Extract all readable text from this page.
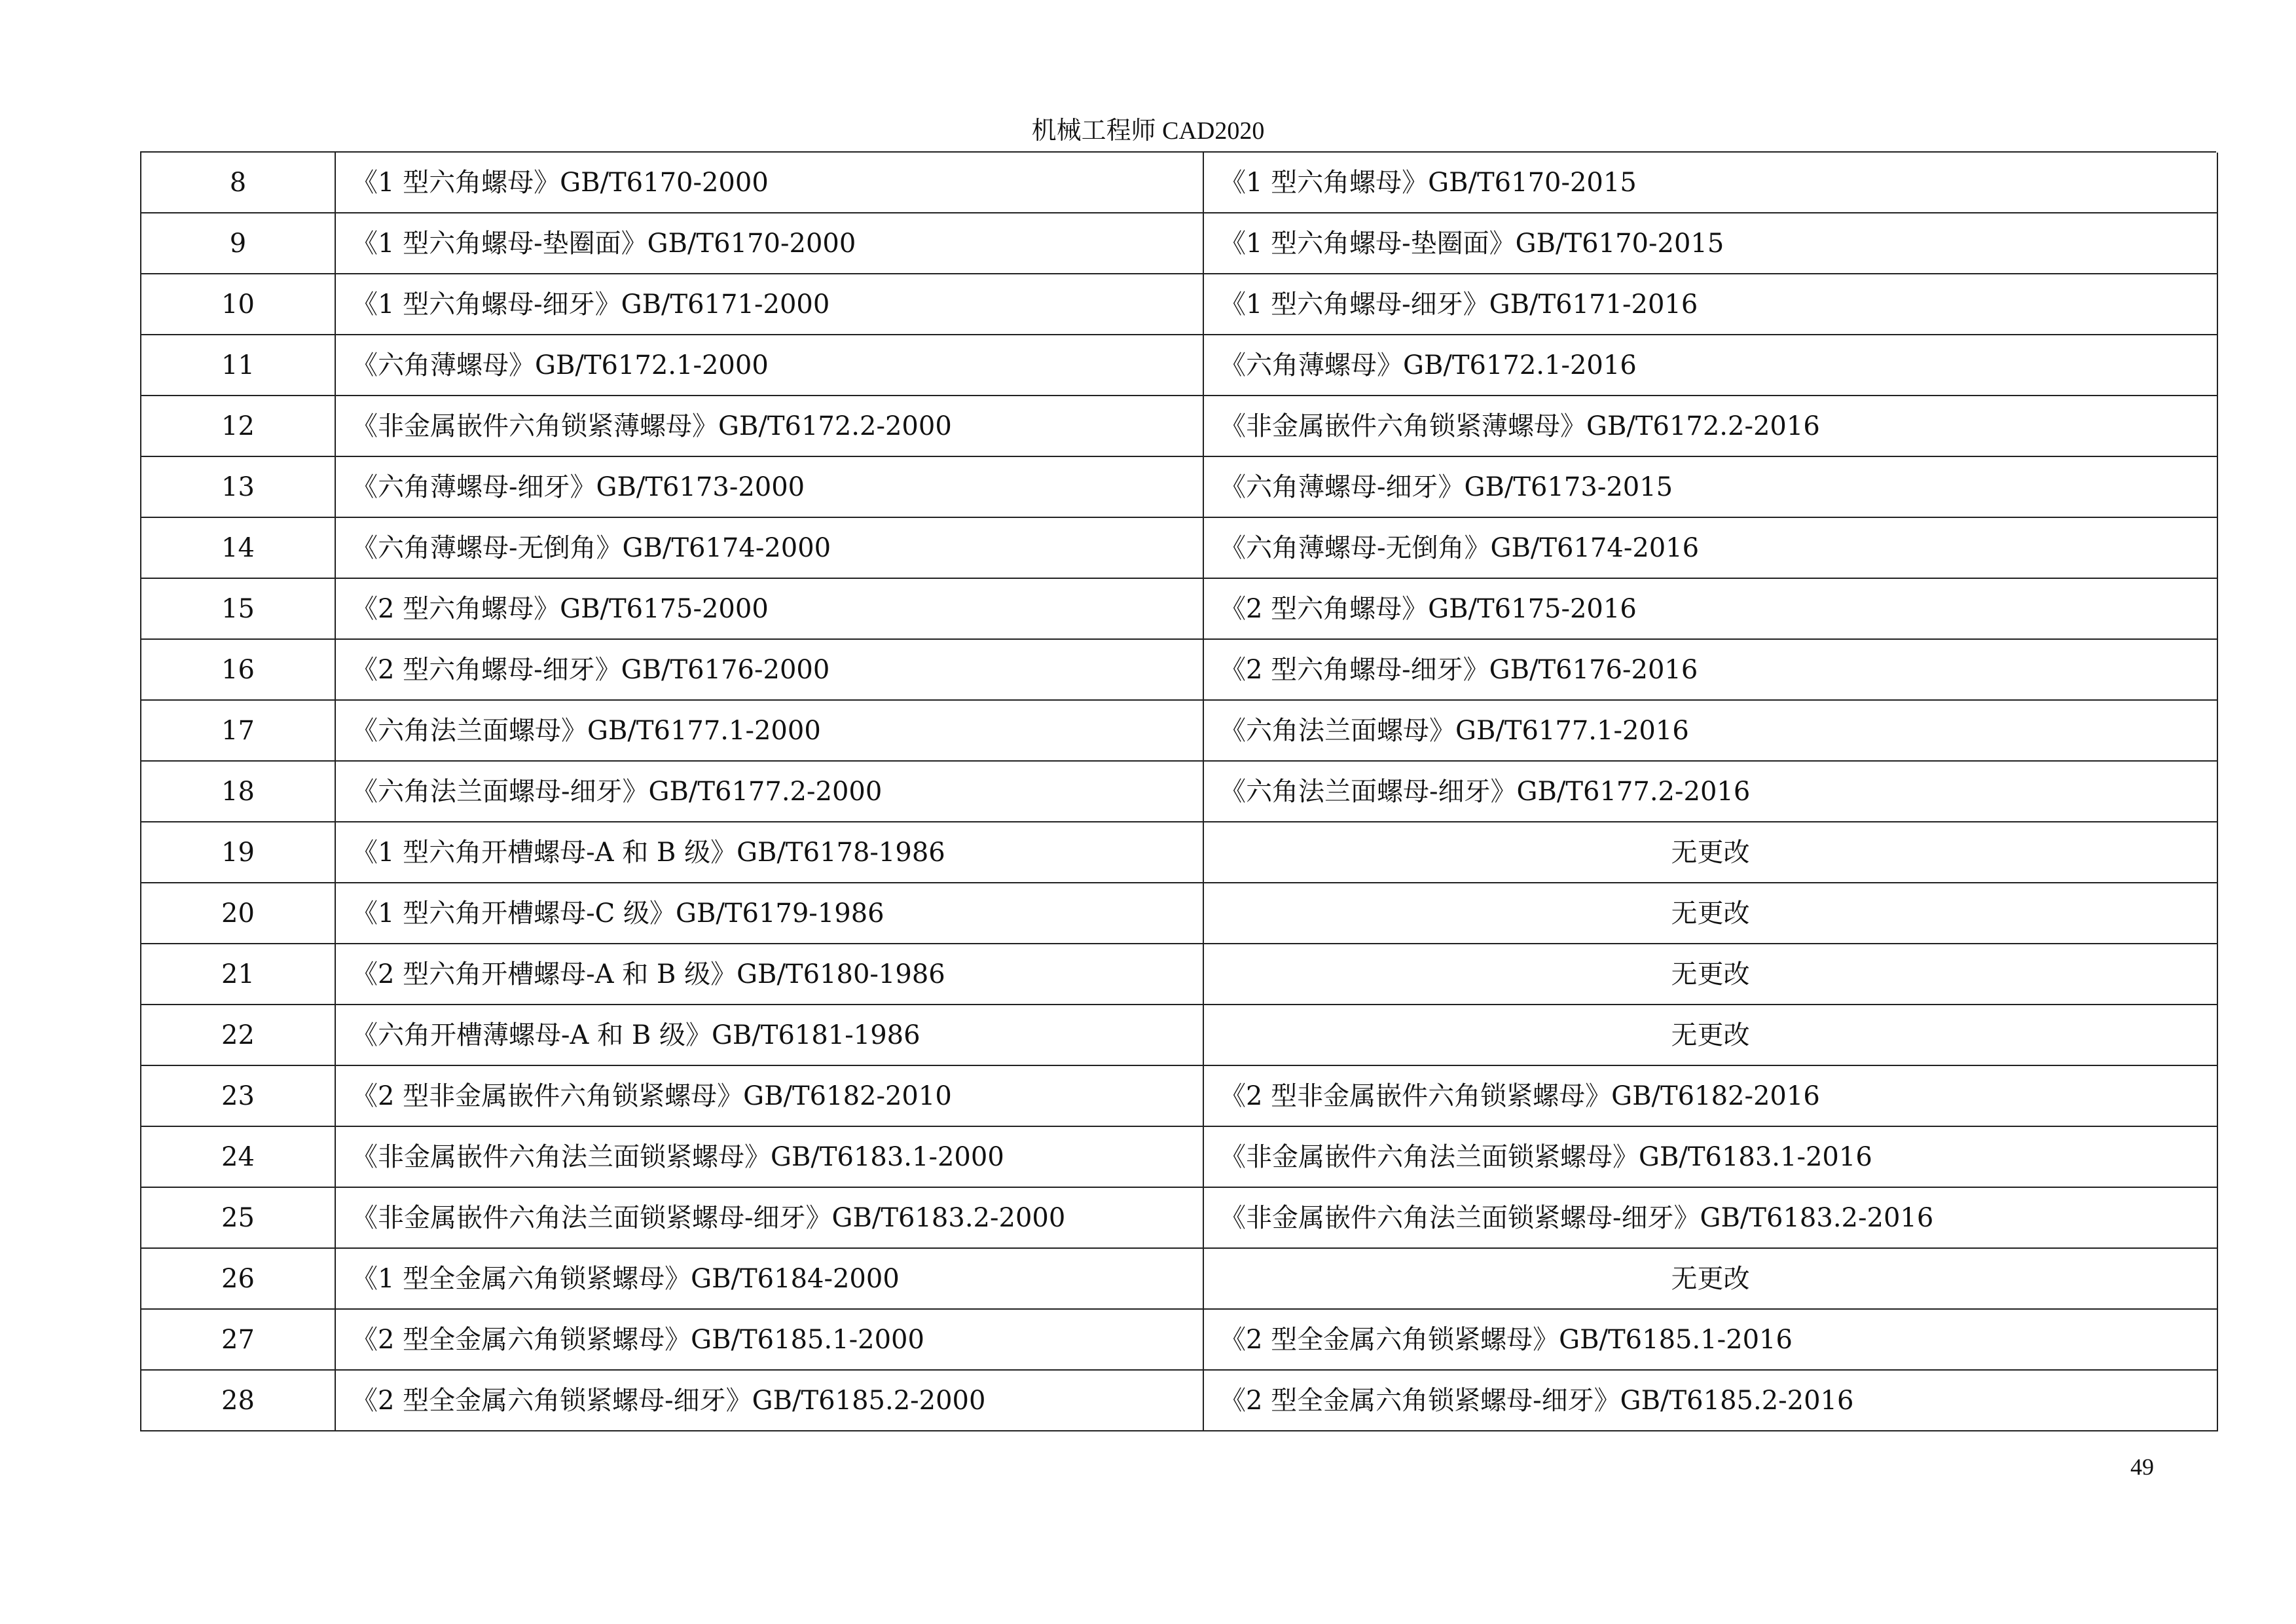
机械工程师 CAD2020
8	《1 型六角螺母》GB/T6170-2000	《1 型六角螺母》GB/T6170-2015
9	《1 型六角螺母-垫圈面》GB/T6170-2000	《1 型六角螺母-垫圈面》GB/T6170-2015
10	《1 型六角螺母-细牙》GB/T6171-2000	《1 型六角螺母-细牙》GB/T6171-2016
11	《六角薄螺母》GB/T6172.1-2000	《六角薄螺母》GB/T6172.1-2016
12	《非金属嵌件六角锁紧薄螺母》GB/T6172.2-2000	《非金属嵌件六角锁紧薄螺母》GB/T6172.2-2016
13	《六角薄螺母-细牙》GB/T6173-2000	《六角薄螺母-细牙》GB/T6173-2015
14	《六角薄螺母-无倒角》GB/T6174-2000	《六角薄螺母-无倒角》GB/T6174-2016
15	《2 型六角螺母》GB/T6175-2000	《2 型六角螺母》GB/T6175-2016
16	《2 型六角螺母-细牙》GB/T6176-2000	《2 型六角螺母-细牙》GB/T6176-2016
17	《六角法兰面螺母》GB/T6177.1-2000	《六角法兰面螺母》GB/T6177.1-2016
18	《六角法兰面螺母-细牙》GB/T6177.2-2000	《六角法兰面螺母-细牙》GB/T6177.2-2016
19	《1 型六角开槽螺母-A 和 B 级》GB/T6178-1986	无更改
20	《1 型六角开槽螺母-C 级》GB/T6179-1986	无更改
21	《2 型六角开槽螺母-A 和 B 级》GB/T6180-1986	无更改
22	《六角开槽薄螺母-A 和 B 级》GB/T6181-1986	无更改
23	《2 型非金属嵌件六角锁紧螺母》GB/T6182-2010	《2 型非金属嵌件六角锁紧螺母》GB/T6182-2016
24	《非金属嵌件六角法兰面锁紧螺母》GB/T6183.1-2000	《非金属嵌件六角法兰面锁紧螺母》GB/T6183.1-2016
25	《非金属嵌件六角法兰面锁紧螺母-细牙》GB/T6183.2-2000	《非金属嵌件六角法兰面锁紧螺母-细牙》GB/T6183.2-2016
26	《1 型全金属六角锁紧螺母》GB/T6184-2000	无更改
27	《2 型全金属六角锁紧螺母》GB/T6185.1-2000	《2 型全金属六角锁紧螺母》GB/T6185.1-2016
28	《2 型全金属六角锁紧螺母-细牙》GB/T6185.2-2000	《2 型全金属六角锁紧螺母-细牙》GB/T6185.2-2016
49
